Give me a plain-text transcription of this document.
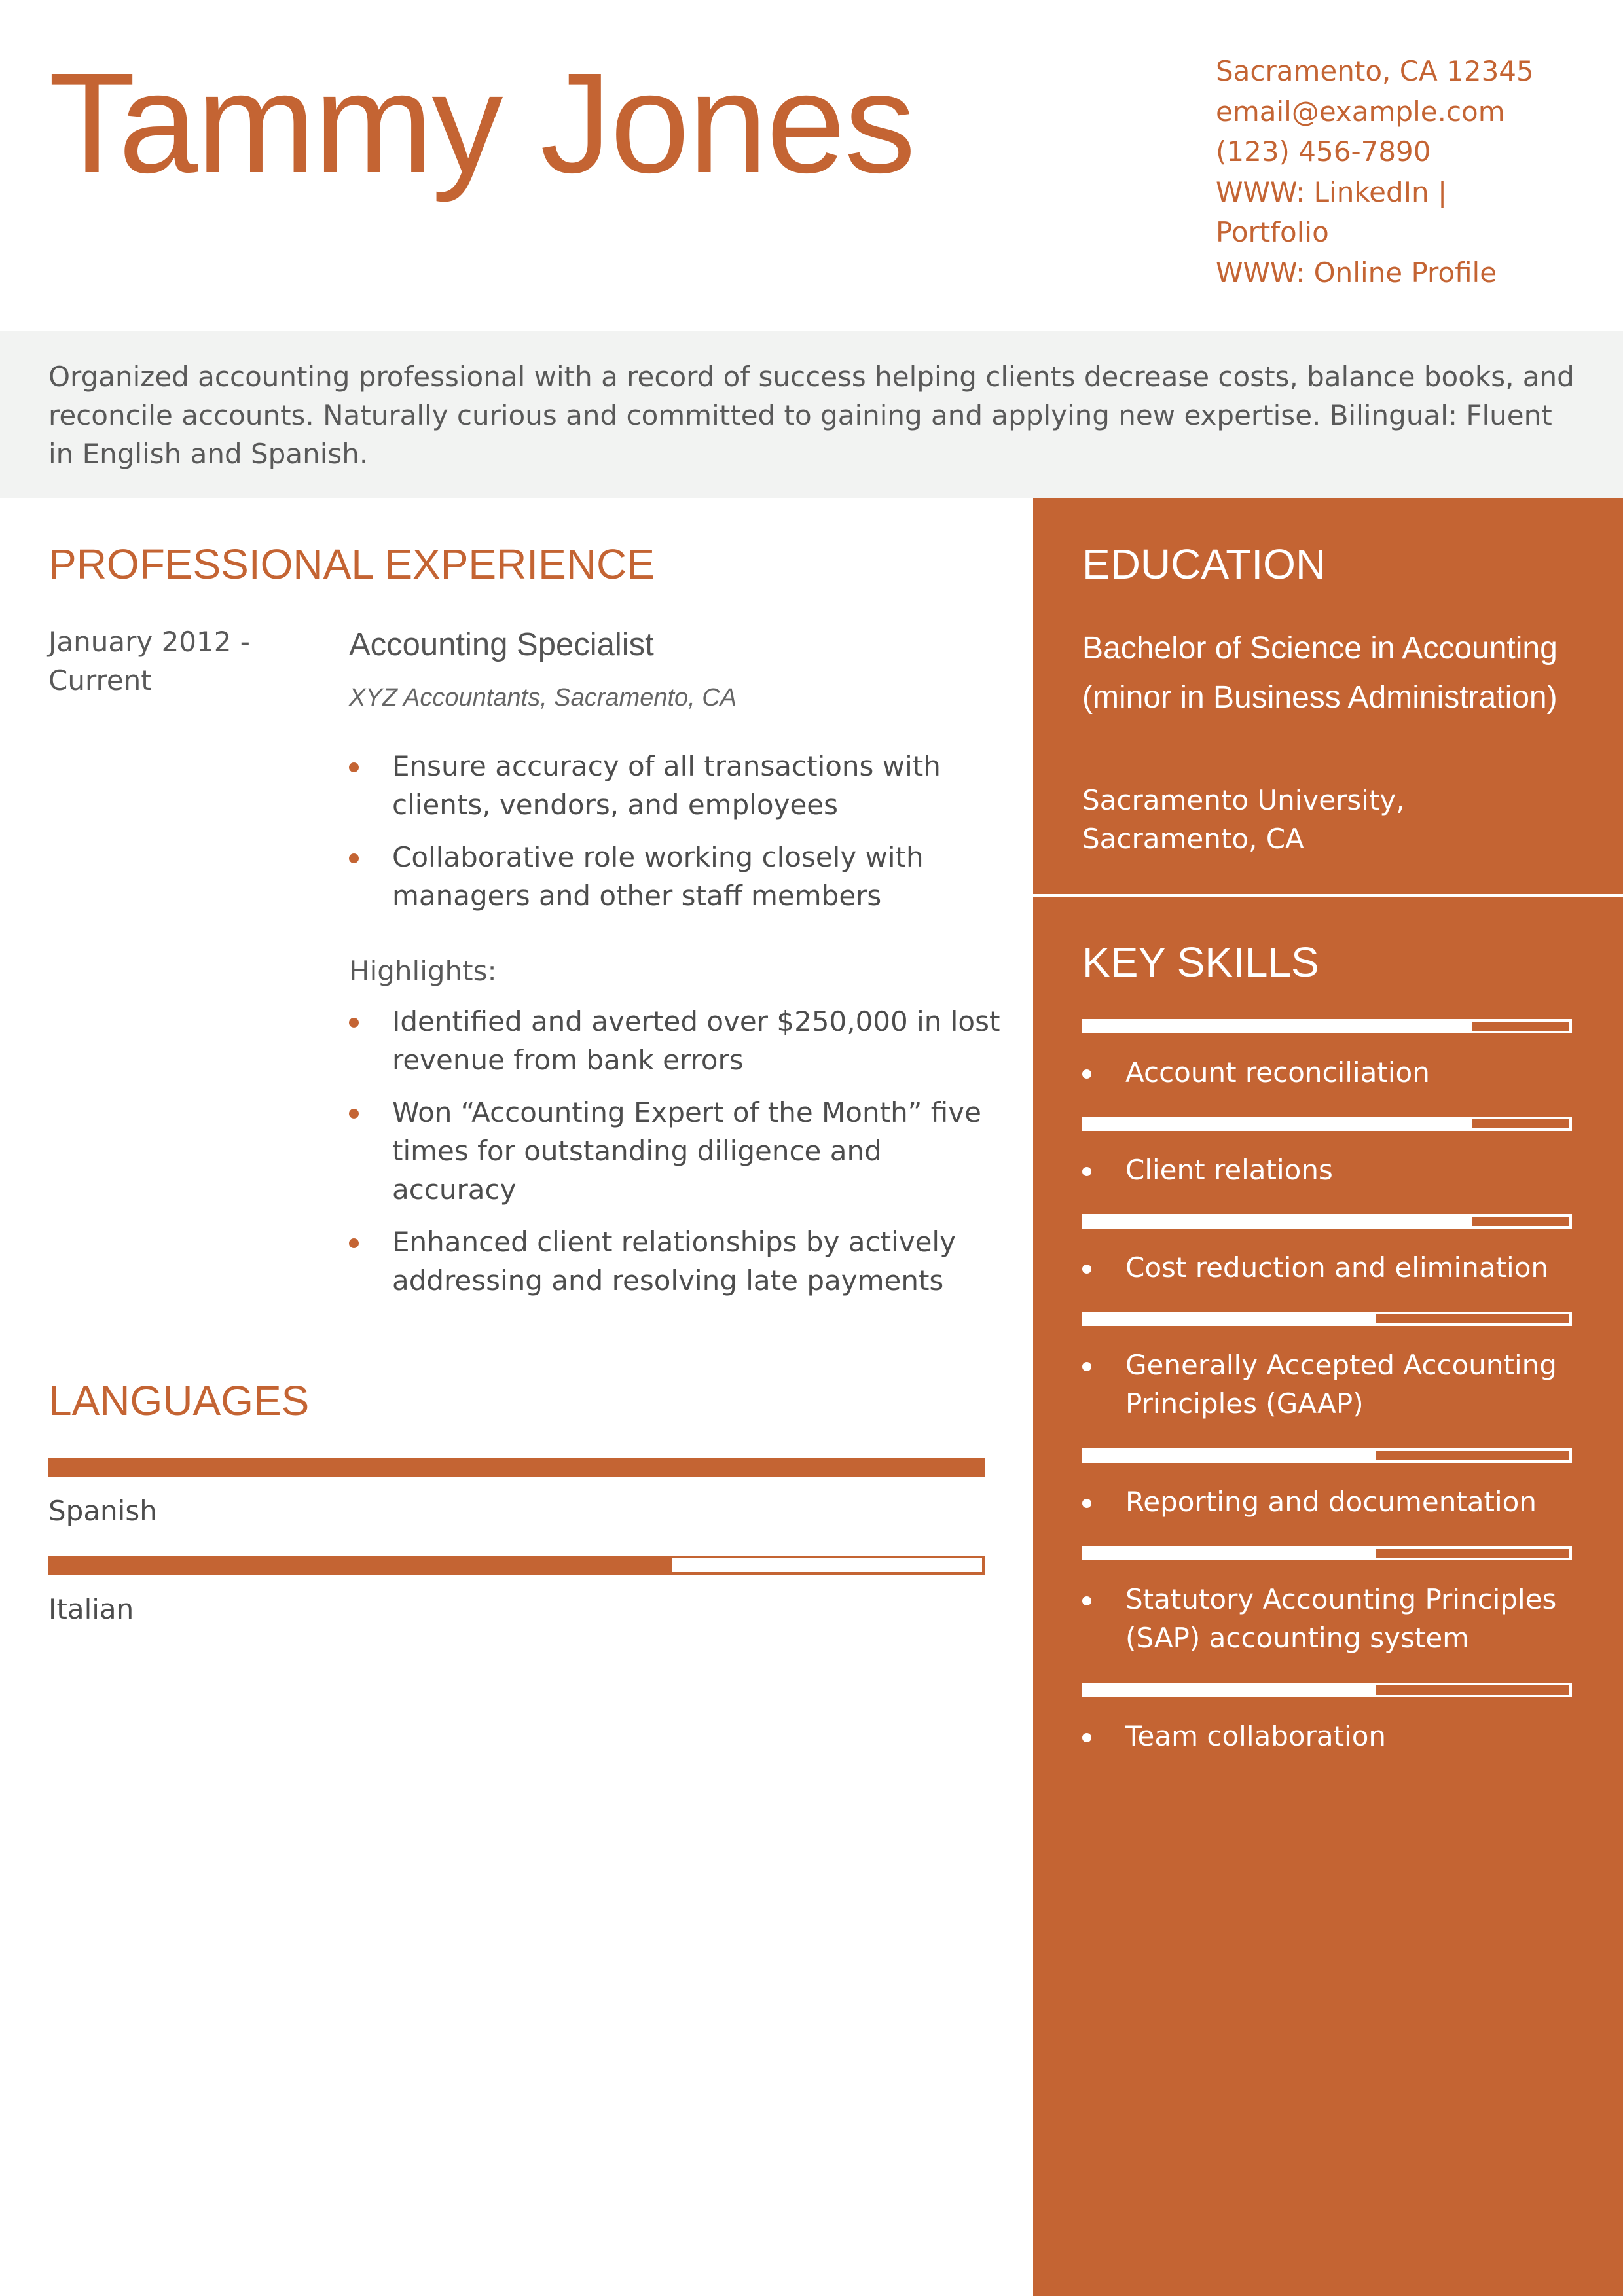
Tammy Jones	Sacramento, CA 12345
email@example.com
(123) 456-7890
WWW: LinkedIn |
Portfolio
WWW: Online Profile
Organized accounting professional with a record of success helping clients decrease costs, balance books, and reconcile accounts. Naturally curious and committed to gaining and applying new expertise. Bilingual: Fluent in English and Spanish.
EDUCATION
Bachelor of Science in Accounting (minor in Business Administration)
Sacramento University,
Sacramento, CA
KEY SKILLS
Account reconciliation
Client relations
Cost reduction and elimination
Generally Accepted Accounting Principles (GAAP)
Reporting and documentation
Statutory Accounting Principles (SAP) accounting system
Team collaboration
PROFESSIONAL EXPERIENCE
January 2012 -
Current
Accounting Specialist
XYZ Accountants, Sacramento, CA
Ensure accuracy of all transactions with clients, vendors, and employees
Collaborative role working closely with managers and other staff members
Highlights:
Identified and averted over $250,000 in lost revenue from bank errors
Won “Accounting Expert of the Month” five times for outstanding diligence and accuracy
Enhanced client relationships by actively addressing and resolving late payments
LANGUAGES
Spanish
Italian
